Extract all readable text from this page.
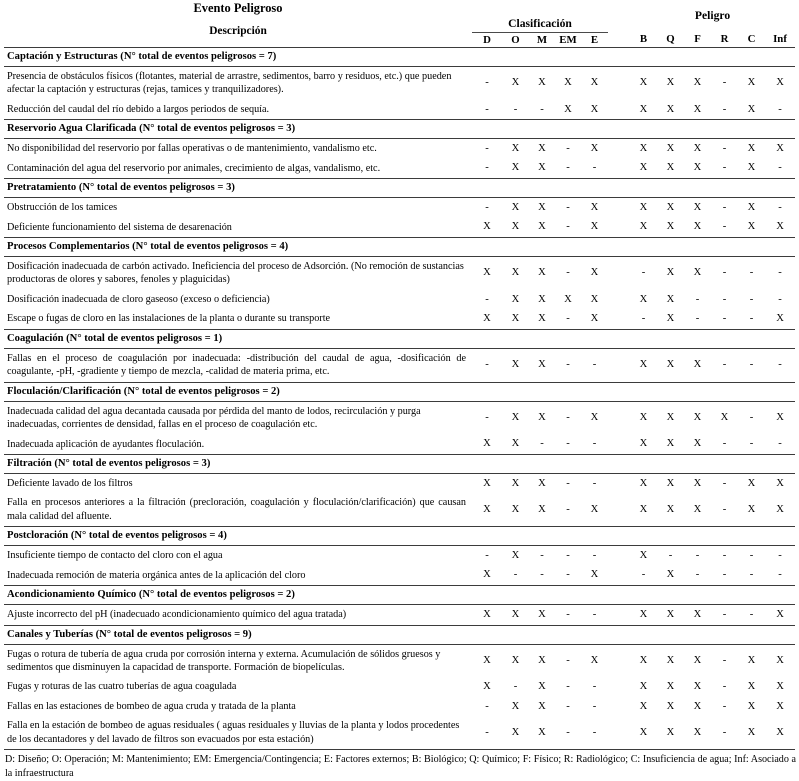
Evento Peligroso							Peligro					
Descripción	Clasificación											
	D	O	M	EM	E		B	Q	F	R	C	Inf
Captación y Estructuras (N° total de eventos peligrosos = 7)												
Presencia de obstáculos físicos (flotantes, material de arrastre, sedimentos, barro y residuos, etc.) que pueden afectar la captación y estructuras (rejas, tamices y tranquilizadores).	-	X	X	X	X		X	X	X	-	X	X
Reducción del caudal del río debido a largos periodos de sequía.	-	-	-	X	X		X	X	X	-	X	-
Reservorio Agua Clarificada (N° total de eventos peligrosos = 3)												
No disponibilidad del reservorio por fallas operativas o de mantenimiento, vandalismo etc.	-	X	X	-	X		X	X	X	-	X	X
Contaminación del agua del reservorio por animales, crecimiento de algas, vandalismo, etc.	-	X	X	-	-		X	X	X	-	X	-
Pretratamiento (N° total de eventos peligrosos = 3)												
Obstrucción de los tamices	-	X	X	-	X		X	X	X	-	X	-
Deficiente funcionamiento del sistema de desarenación	X	X	X	-	X		X	X	X	-	X	X
Procesos Complementarios (N° total de eventos peligrosos = 4)												
Dosificación inadecuada de carbón activado. Ineficiencia del proceso de Adsorción. (No remoción de sustancias productoras de olores y sabores, fenoles y plaguicidas)	X	X	X	-	X		-	X	X	-	-	-
Dosificación inadecuada de cloro gaseoso (exceso o deficiencia)	-	X	X	X	X		X	X	-	-	-	-
Escape o fugas de cloro en las instalaciones de la planta o durante su transporte	X	X	X	-	X		-	X	-	-	-	X
Coagulación (N° total de eventos peligrosos = 1)												
Fallas en el proceso de coagulación por inadecuada: -distribución del caudal de agua, -dosificación de coagulante, -pH, -gradiente y tiempo de mezcla, -calidad de materia prima, etc.	-	X	X	-	-		X	X	X	-	-	-
Floculación/Clarificación (N° total de eventos peligrosos = 2)												
Inadecuada calidad del agua decantada causada por pérdida del manto de lodos, recirculación y purga inadecuadas, corrientes de densidad, fallas en el proceso de coagulación etc.	-	X	X	-	X		X	X	X	X	-	X
Inadecuada aplicación de ayudantes floculación.	X	X	-	-	-		X	X	X	-	-	-
Filtración (N° total de eventos peligrosos = 3)												
Deficiente lavado de los filtros	X	X	X	-	-		X	X	X	-	X	X
Falla en procesos anteriores a la filtración (precloración, coagulación y floculación/clarificación) que causan mala calidad del afluente.	X	X	X	-	X		X	X	X	-	X	X
Postcloración (N° total de eventos peligrosos = 4)												
Insuficiente tiempo de contacto del cloro con el agua	-	X	-	-	-		X	-	-	-	-	-
Inadecuada remoción de materia orgánica antes de la aplicación del cloro	X	-	-	-	X		-	X	-	-	-	-
Acondicionamiento Químico (N° total de eventos peligrosos = 2)												
Ajuste incorrecto del pH (inadecuado acondicionamiento químico del agua tratada)	X	X	X	-	-		X	X	X	-	-	X
Canales y Tuberías (N° total de eventos peligrosos = 9)												
Fugas o rotura de tubería de agua cruda por corrosión interna y externa. Acumulación de sólidos gruesos y sedimentos que disminuyen la capacidad de transporte. Formación de biopelículas.	X	X	X	-	X		X	X	X	-	X	X
Fugas y roturas de las cuatro tuberías de agua coagulada	X	-	X	-	-		X	X	X	-	X	X
Fallas en las estaciones de bombeo de agua cruda y tratada de la planta	-	X	X	-	-		X	X	X	-	X	X
Falla en la estación de bombeo de aguas residuales ( aguas residuales y lluvias de la planta y lodos procedentes de los decantadores y del lavado de filtros son evacuados por esta estación)	-	X	X	-	-		X	X	X	-	X	X
D: Diseño; O: Operación; M: Mantenimiento; EM: Emergencia/Contingencia; E: Factores externos; B: Biológico; Q: Químico; F: Físico; R: Radiológico; C: Insuficiencia de agua; Inf: Asociado a la infraestructura
